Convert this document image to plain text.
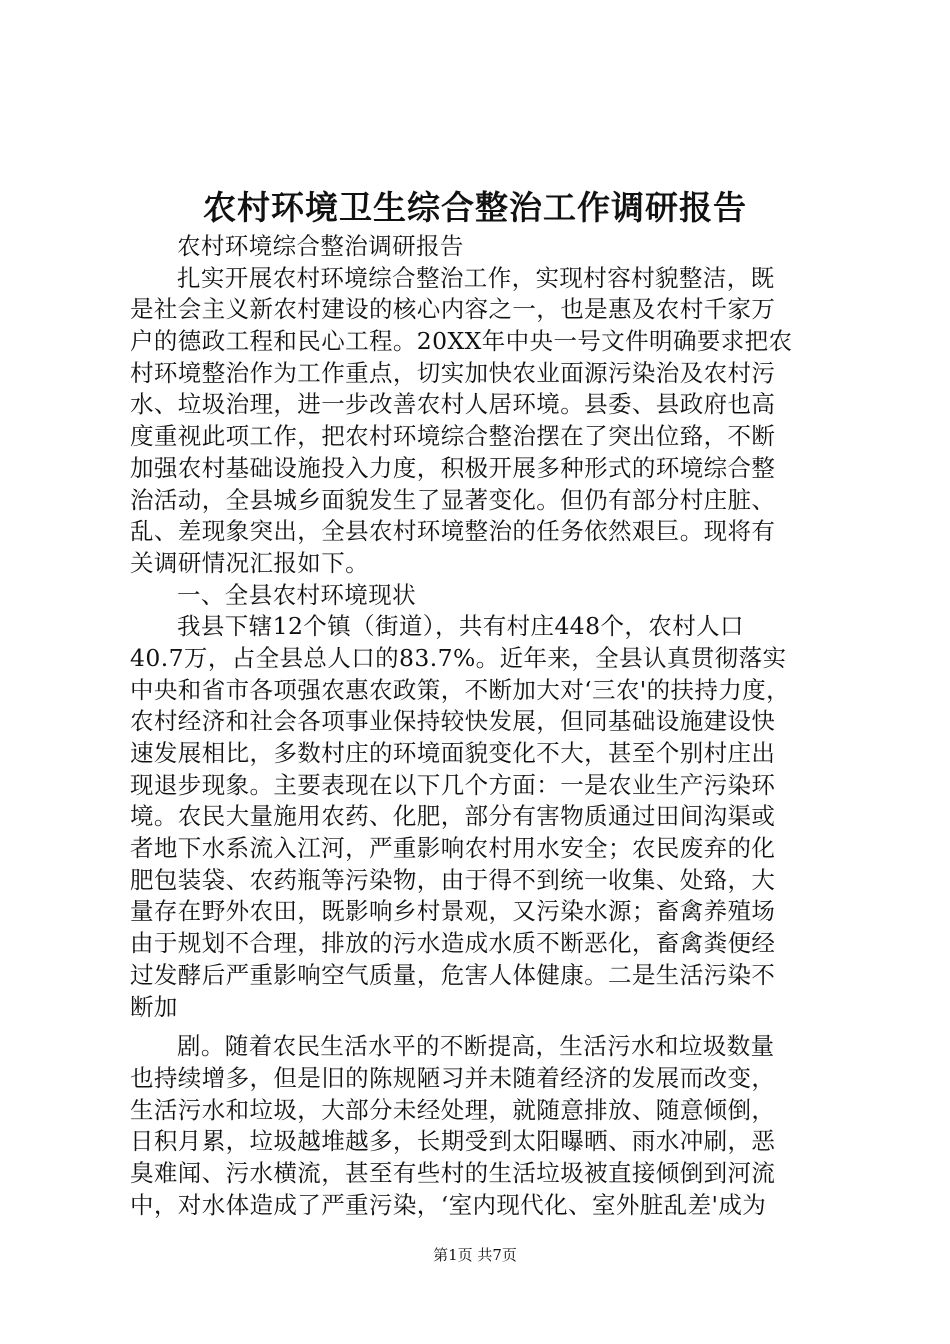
农村环境卫生综合整治工作调研报告
农村环境综合整治调研报告
扎实开展农村环境综合整治工作，实现村容村貌整洁，既
是社会主义新农村建设的核心内容之一，也是惠及农村千家万
户的德政工程和民心工程。20XX年中央一号文件明确要求把农
村环境整治作为工作重点，切实加快农业面源污染治及农村污
水、垃圾治理，进一步改善农村人居环境。县委、县政府也高
度重视此项工作，把农村环境综合整治摆在了突出位臵，不断
加强农村基础设施投入力度，积极开展多种形式的环境综合整
治活动，全县城乡面貌发生了显著变化。但仍有部分村庄脏、
乱、差现象突出，全县农村环境整治的任务依然艰巨。现将有
关调研情况汇报如下。
一、全县农村环境现状
我县下辖12个镇（街道），共有村庄448个，农村人口
40.7万，占全县总人口的83.7%。近年来，全县认真贯彻落实
中央和省市各项强农惠农政策，不断加大对‘三农'的扶持力度，
农村经济和社会各项事业保持较快发展，但同基础设施建设快
速发展相比，多数村庄的环境面貌变化不大，甚至个别村庄出
现退步现象。主要表现在以下几个方面：一是农业生产污染环
境。农民大量施用农药、化肥，部分有害物质通过田间沟渠或
者地下水系流入江河，严重影响农村用水安全；农民废弃的化
肥包装袋、农药瓶等污染物，由于得不到统一收集、处臵，大
量存在野外农田，既影响乡村景观，又污染水源；畜禽养殖场
由于规划不合理，排放的污水造成水质不断恶化，畜禽粪便经
过发酵后严重影响空气质量，危害人体健康。二是生活污染不
断加
剧。随着农民生活水平的不断提高，生活污水和垃圾数量
也持续增多，但是旧的陈规陋习并未随着经济的发展而改变，
生活污水和垃圾，大部分未经处理，就随意排放、随意倾倒，
日积月累，垃圾越堆越多，长期受到太阳曝晒、雨水冲刷，恶
臭难闻、污水横流，甚至有些村的生活垃圾被直接倾倒到河流
中，对水体造成了严重污染，‘室内现代化、室外脏乱差'成为
第1页 共7页
